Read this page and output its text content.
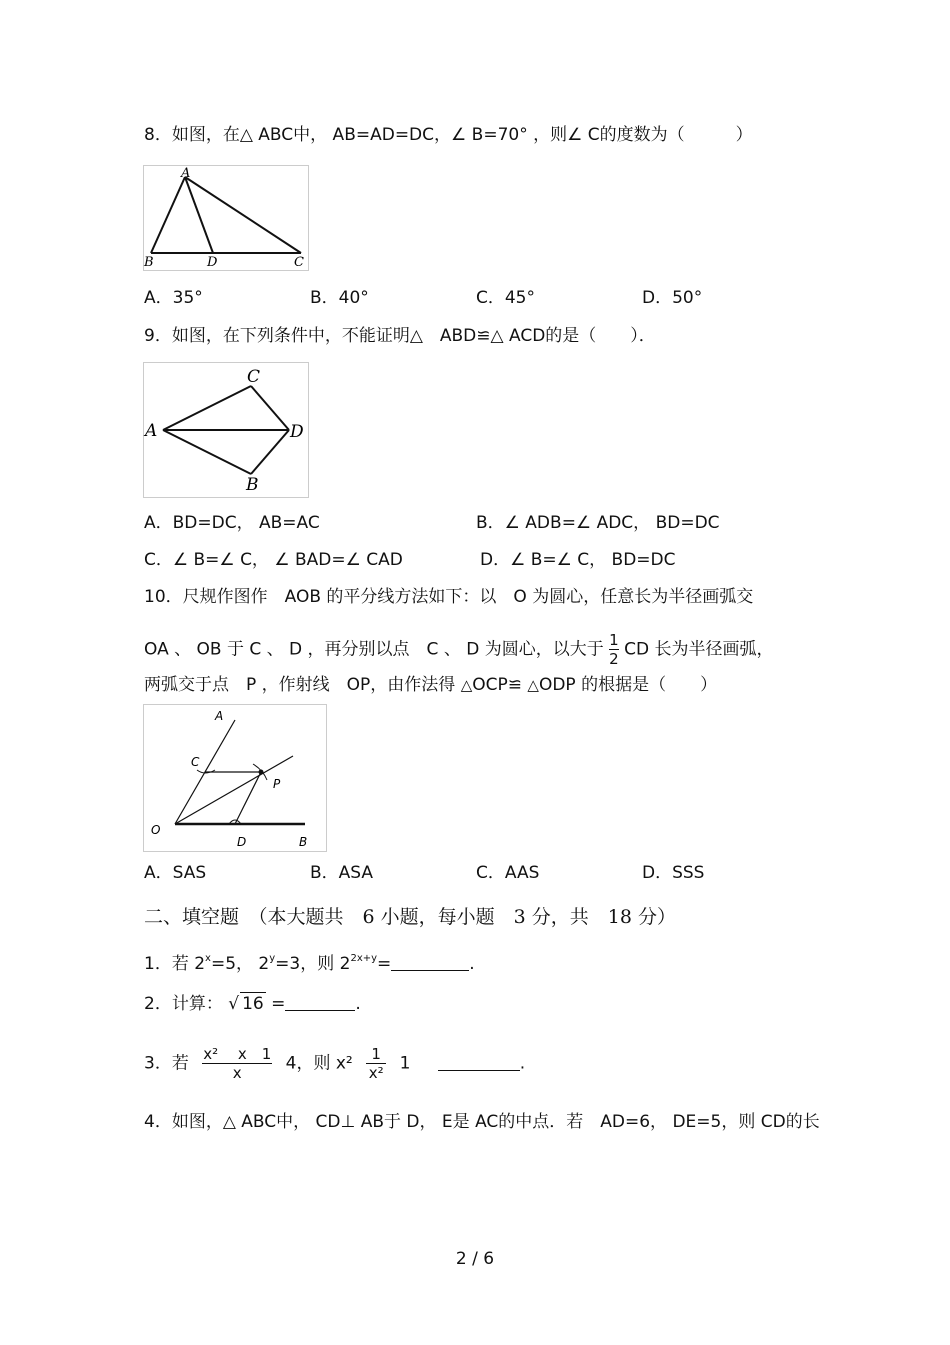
8．如图，在△ ABC中， AB=AD=DC，∠ B=70° ，则∠ C的度数为（　　　）
A
B	D	C
A．35°	B．40°	C．45°	D．50°
9．如图，在下列条件中，不能证明△　ABD≌△ ACD的是（　　）．
C
A	D
B
A．BD=DC， AB=AC	B．∠ ADB=∠ ADC， BD=DC
C．∠ B=∠ C， ∠ BAD=∠ CAD	D．∠ B=∠ C， BD=DC
10．尺规作图作　AOB 的平分线方法如下：以　O 为圆心，任意长为半径画弧交
OA 、 OB 于 C 、 D ，再分别以点　C 、 D 为圆心，以大于 $\frac{1}{2}$ CD 长为半径画弧，
两弧交于点　P ，作射线　OP，由作法得 △OCP≌ △ODP 的根据是（　　）
A
C
P
O
D	B
A．SAS	B．ASA	C．AAS	D．SSS
二、填空题　（本大题共　6 小题，每小题　3 分，共　18 分）
1．若 $2^x=5$， $2^y=3$，则 $2^{2x+y}=$	.
2．计算： √ 16 =	.
3．若 $\frac{\text{x² 　x　1}}{x} 4$，则 $x^2 \frac{1}{\text{x²}} 1$	.
4．如图，△ ABC中， CD⊥ AB于 D， E是 AC的中点．若　AD=6， DE=5，则 CD的长
2 / 6
